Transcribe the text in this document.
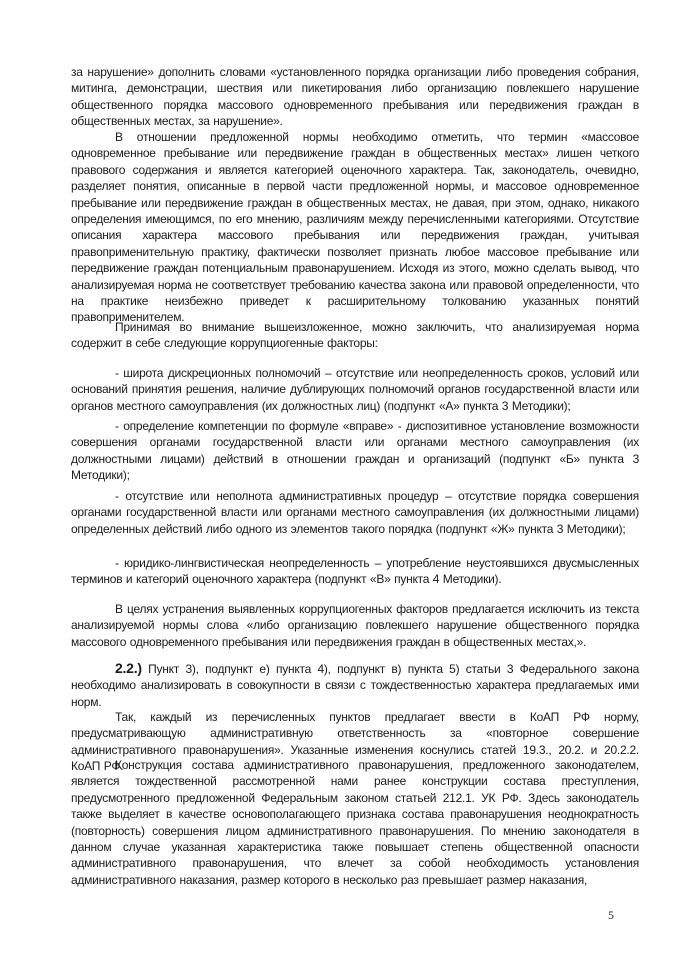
за нарушение» дополнить словами «установленного порядка организации либо проведения собрания, митинга, демонстрации, шествия или пикетирования либо организацию повлекшего нарушение общественного порядка массового одновременного пребывания или передвижения граждан в общественных местах, за нарушение».

В отношении предложенной нормы необходимо отметить, что термин «массовое одновременное пребывание или передвижение граждан в общественных местах» лишен четкого правового содержания и является категорией оценочного характера. Так, законодатель, очевидно, разделяет понятия, описанные в первой части предложенной нормы, и массовое одновременное пребывание или передвижение граждан в общественных местах, не давая, при этом, однако, никакого определения имеющимся, по его мнению, различиям между перечисленными категориями. Отсутствие описания характера массового пребывания или передвижения граждан, учитывая правоприменительную практику, фактически позволяет признать любое массовое пребывание или передвижение граждан потенциальным правонарушением. Исходя из этого, можно сделать вывод, что анализируемая норма не соответствует требованию качества закона или правовой определенности, что на практике неизбежно приведет к расширительному толкованию указанных понятий правоприменителем.

Принимая во внимание вышеизложенное, можно заключить, что анализируемая норма содержит в себе следующие коррупциогенные факторы:

- широта дискреционных полномочий – отсутствие или неопределенность сроков, условий или оснований принятия решения, наличие дублирующих полномочий органов государственной власти или органов местного самоуправления (их должностных лиц) (подпункт «А» пункта 3 Методики);

- определение компетенции по формуле «вправе» - диспозитивное установление возможности совершения органами государственной власти или органами местного самоуправления (их должностными лицами) действий в отношении граждан и организаций (подпункт «Б» пункта 3 Методики);

- отсутствие или неполнота административных процедур – отсутствие порядка совершения органами государственной власти или органами местного самоуправления (их должностными лицами) определенных действий либо одного из элементов такого порядка (подпункт «Ж» пункта 3 Методики);

- юридико-лингвистическая неопределенность – употребление неустоявшихся двусмысленных терминов и категорий оценочного характера (подпункт «В» пункта 4 Методики).

В целях устранения выявленных коррупциогенных факторов предлагается исключить из текста анализируемой нормы слова «либо организацию повлекшего нарушение общественного порядка массового одновременного пребывания или передвижения граждан в общественных местах,».

2.2.) Пункт 3), подпункт е) пункта 4), подпункт в) пункта 5) статьи 3 Федерального закона необходимо анализировать в совокупности в связи с тождественностью характера предлагаемых ими норм.

Так, каждый из перечисленных пунктов предлагает ввести в КоАП РФ норму, предусматривающую административную ответственность за «повторное совершение административного правонарушения». Указанные изменения коснулись статей 19.3., 20.2. и 20.2.2. КоАП РФ.

Конструкция состава административного правонарушения, предложенного законодателем, является тождественной рассмотренной нами ранее конструкции состава преступления, предусмотренного предложенной Федеральным законом статьей 212.1. УК РФ. Здесь законодатель также выделяет в качестве основополагающего признака состава правонарушения неоднократность (повторность) совершения лицом административного правонарушения. По мнению законодателя в данном случае указанная характеристика также повышает степень общественной опасности административного правонарушения, что влечет за собой необходимость установления административного наказания, размер которого в несколько раз превышает размер наказания,

5
